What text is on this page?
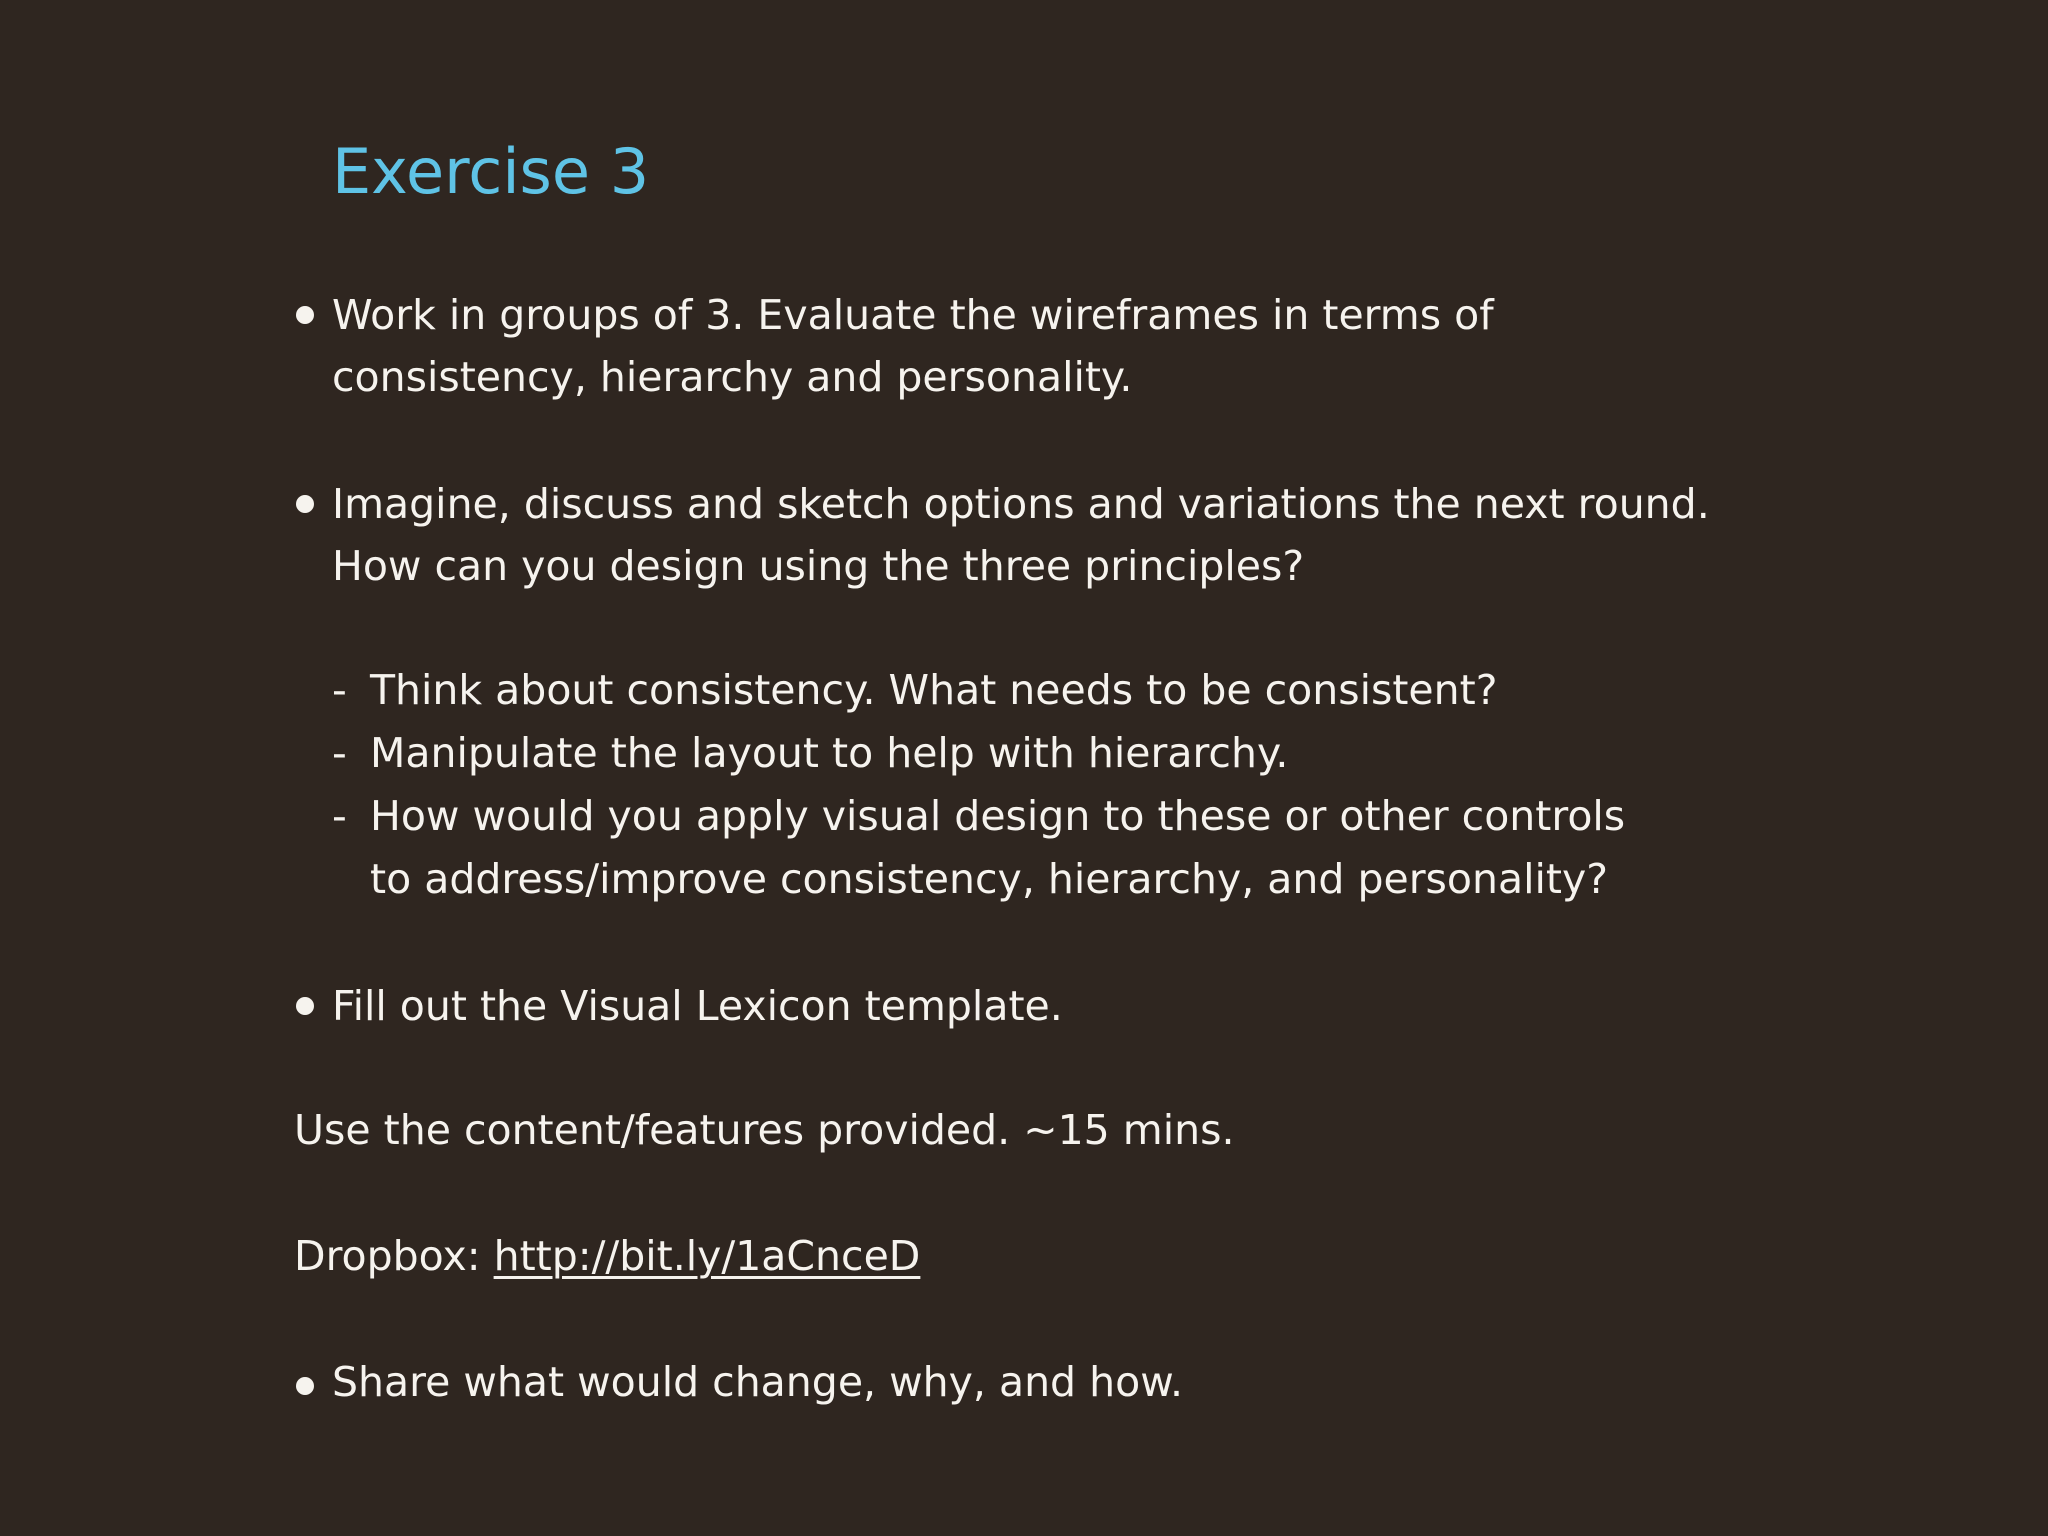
Exercise 3
Work in groups of 3. Evaluate the wireframes in terms of
consistency, hierarchy and personality.
Imagine, discuss and sketch options and variations the next round.
How can you design using the three principles?
- Think about consistency. What needs to be consistent?
- Manipulate the layout to help with hierarchy.
- How would you apply visual design to these or other controls
to address/improve consistency, hierarchy, and personality?
Fill out the Visual Lexicon template.
Use the content/features provided. ~15 mins.
Dropbox: http://bit.ly/1aCnceD
Share what would change, why, and how.
